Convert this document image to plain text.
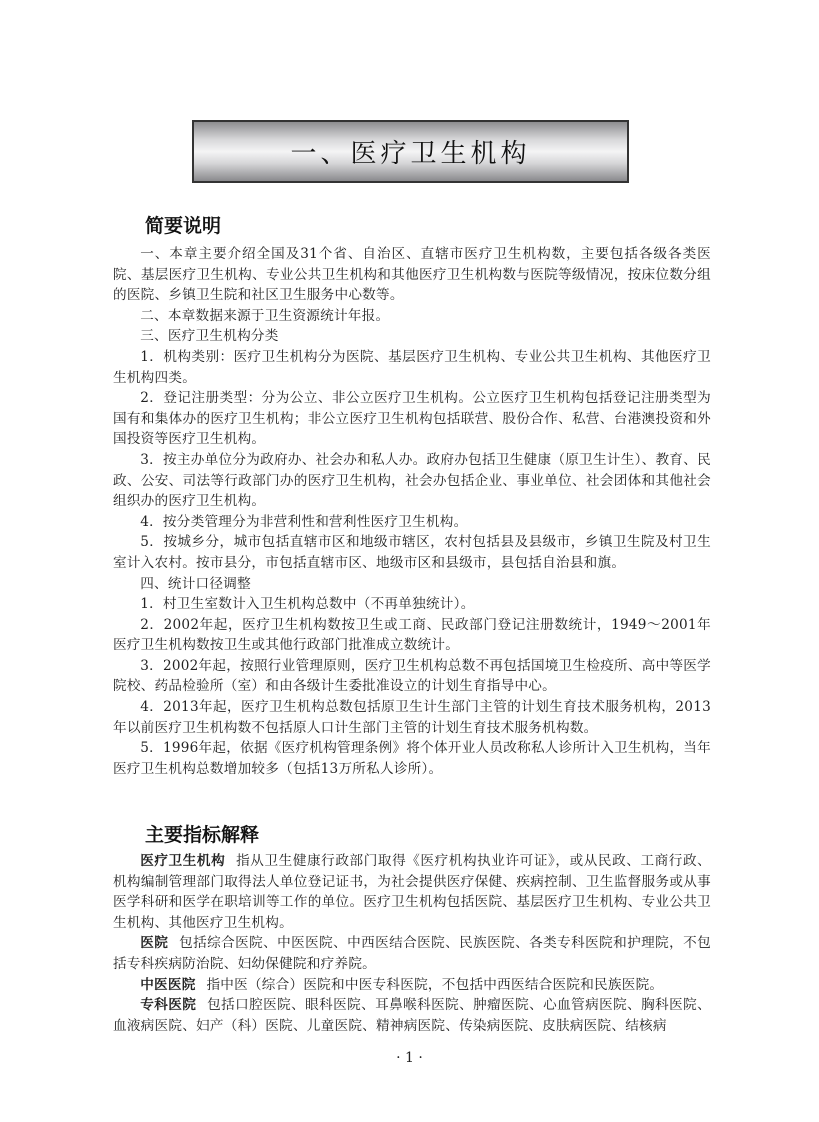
一、医疗卫生机构
简要说明

一、本章主要介绍全国及31个省、自治区、直辖市医疗卫生机构数，主要包括各级各类医院、基层医疗卫生机构、专业公共卫生机构和其他医疗卫生机构数与医院等级情况，按床位数分组的医院、乡镇卫生院和社区卫生服务中心数等。

二、本章数据来源于卫生资源统计年报。

三、医疗卫生机构分类

1．机构类别：医疗卫生机构分为医院、基层医疗卫生机构、专业公共卫生机构、其他医疗卫生机构四类。

2．登记注册类型：分为公立、非公立医疗卫生机构。公立医疗卫生机构包括登记注册类型为国有和集体办的医疗卫生机构；非公立医疗卫生机构包括联营、股份合作、私营、台港澳投资和外国投资等医疗卫生机构。

3．按主办单位分为政府办、社会办和私人办。政府办包括卫生健康（原卫生计生）、教育、民政、公安、司法等行政部门办的医疗卫生机构，社会办包括企业、事业单位、社会团体和其他社会组织办的医疗卫生机构。

4．按分类管理分为非营利性和营利性医疗卫生机构。

5．按城乡分，城市包括直辖市区和地级市辖区，农村包括县及县级市，乡镇卫生院及村卫生室计入农村。按市县分，市包括直辖市区、地级市区和县级市，县包括自治县和旗。

四、统计口径调整

1．村卫生室数计入卫生机构总数中（不再单独统计）。

2．2002年起，医疗卫生机构数按卫生或工商、民政部门登记注册数统计，1949～2001年医疗卫生机构数按卫生或其他行政部门批准成立数统计。

3．2002年起，按照行业管理原则，医疗卫生机构总数不再包括国境卫生检疫所、高中等医学院校、药品检验所（室）和由各级计生委批准设立的计划生育指导中心。

4．2013年起，医疗卫生机构总数包括原卫生计生部门主管的计划生育技术服务机构，2013年以前医疗卫生机构数不包括原人口计生部门主管的计划生育技术服务机构数。

5．1996年起，依据《医疗机构管理条例》将个体开业人员改称私人诊所计入卫生机构，当年医疗卫生机构总数增加较多（包括13万所私人诊所）。

主要指标解释

医疗卫生机构 指从卫生健康行政部门取得《医疗机构执业许可证》，或从民政、工商行政、机构编制管理部门取得法人单位登记证书，为社会提供医疗保健、疾病控制、卫生监督服务或从事医学科研和医学在职培训等工作的单位。医疗卫生机构包括医院、基层医疗卫生机构、专业公共卫生机构、其他医疗卫生机构。

医院 包括综合医院、中医医院、中西医结合医院、民族医院、各类专科医院和护理院，不包括专科疾病防治院、妇幼保健院和疗养院。

中医医院 指中医（综合）医院和中医专科医院，不包括中西医结合医院和民族医院。

专科医院 包括口腔医院、眼科医院、耳鼻喉科医院、肿瘤医院、心血管病医院、胸科医院、血液病医院、妇产（科）医院、儿童医院、精神病医院、传染病医院、皮肤病医院、结核病

· 1 ·
